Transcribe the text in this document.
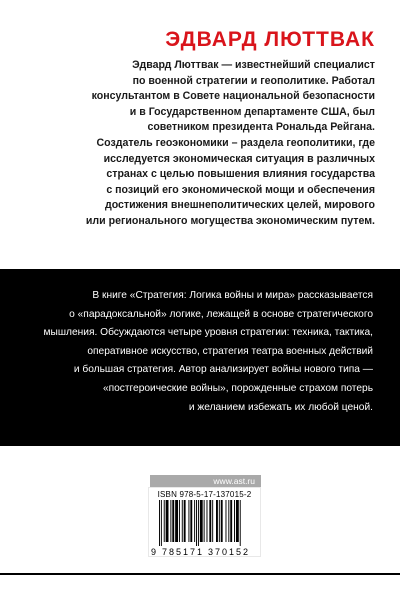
ЭДВАРД ЛЮТТВАК

Эдвард Люттвак — известнейший специалист

по военной стратегии и геополитике. Работал

консультантом в Совете национальной безопасности

и в Государственном департаменте США, был

советником президента Рональда Рейгана.

Создатель геоэкономики – раздела геополитики, где

исследуется экономическая ситуация в различных

странах с целью повышения влияния государства

с позиций его экономической мощи и обеспечения

достижения внешнеполитических целей, мирового

или регионального могущества экономическим путем.

В книге «Стратегия: Логика войны и мира» рассказывается

о «парадоксальной» логике, лежащей в основе стратегического

мышления. Обсуждаются четыре уровня стратегии: техника, тактика,

оперативное искусство, стратегия театра военных действий

и большая стратегия. Автор анализирует войны нового типа —

«постгероические войны», порожденные страхом потерь

и желанием избежать их любой ценой.

www.ast.ru
ISBN 978-5-17-137015-2
9 785171 370152
